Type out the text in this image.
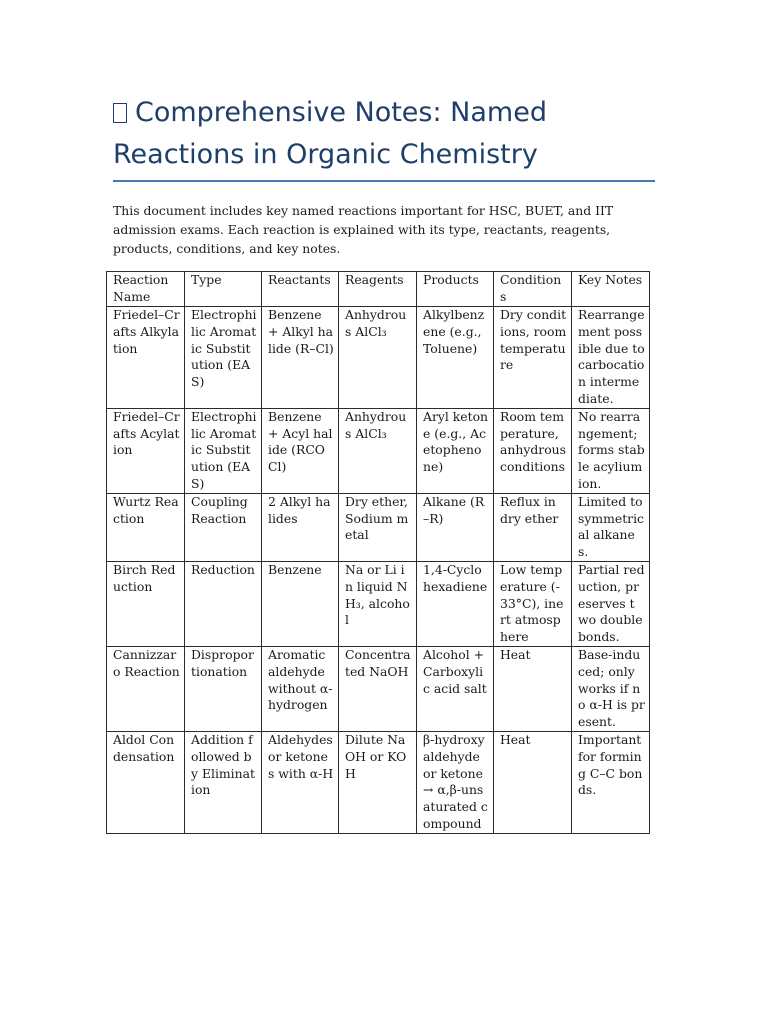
Comprehensive Notes: Named Reactions in Organic Chemistry

This document includes key named reactions important for HSC, BUET, and IIT admission exams. Each reaction is explained with its type, reactants, reagents, products, conditions, and key notes.

Reaction Name	Type	Reactants	Reagents	Products	Conditions	Key Notes
Friedel–Crafts Alkylation	Electrophilic Aromatic Substitution (EAS)	Benzene + Alkyl halide (R–Cl)	Anhydrous AlCl₃	Alkylbenzene (e.g., Toluene)	Dry conditions, room temperature	Rearrangement possible due to carbocation intermediate.
Friedel–Crafts Acylation	Electrophilic Aromatic Substitution (EAS)	Benzene + Acyl halide (RCOCl)	Anhydrous AlCl₃	Aryl ketone (e.g., Acetophenone)	Room temperature, anhydrous conditions	No rearrangement; forms stable acylium ion.
Wurtz Reaction	Coupling Reaction	2 Alkyl halides	Dry ether, Sodium metal	Alkane (R–R)	Reflux in dry ether	Limited to symmetrical alkanes.
Birch Reduction	Reduction	Benzene	Na or Li in liquid NH₃, alcohol	1,4-Cyclohexadiene	Low temperature (-33°C), inert atmosphere	Partial reduction, preserves two double bonds.
Cannizzaro Reaction	Disproportionation	Aromatic aldehyde without α-hydrogen	Concentrated NaOH	Alcohol + Carboxylic acid salt	Heat	Base-induced; only works if no α-H is present.
Aldol Condensation	Addition followed by Elimination	Aldehydes or ketones with α-H	Dilute NaOH or KOH	β-hydroxy aldehyde or ketone → α,β-unsaturated compound	Heat	Important for forming C–C bonds.
